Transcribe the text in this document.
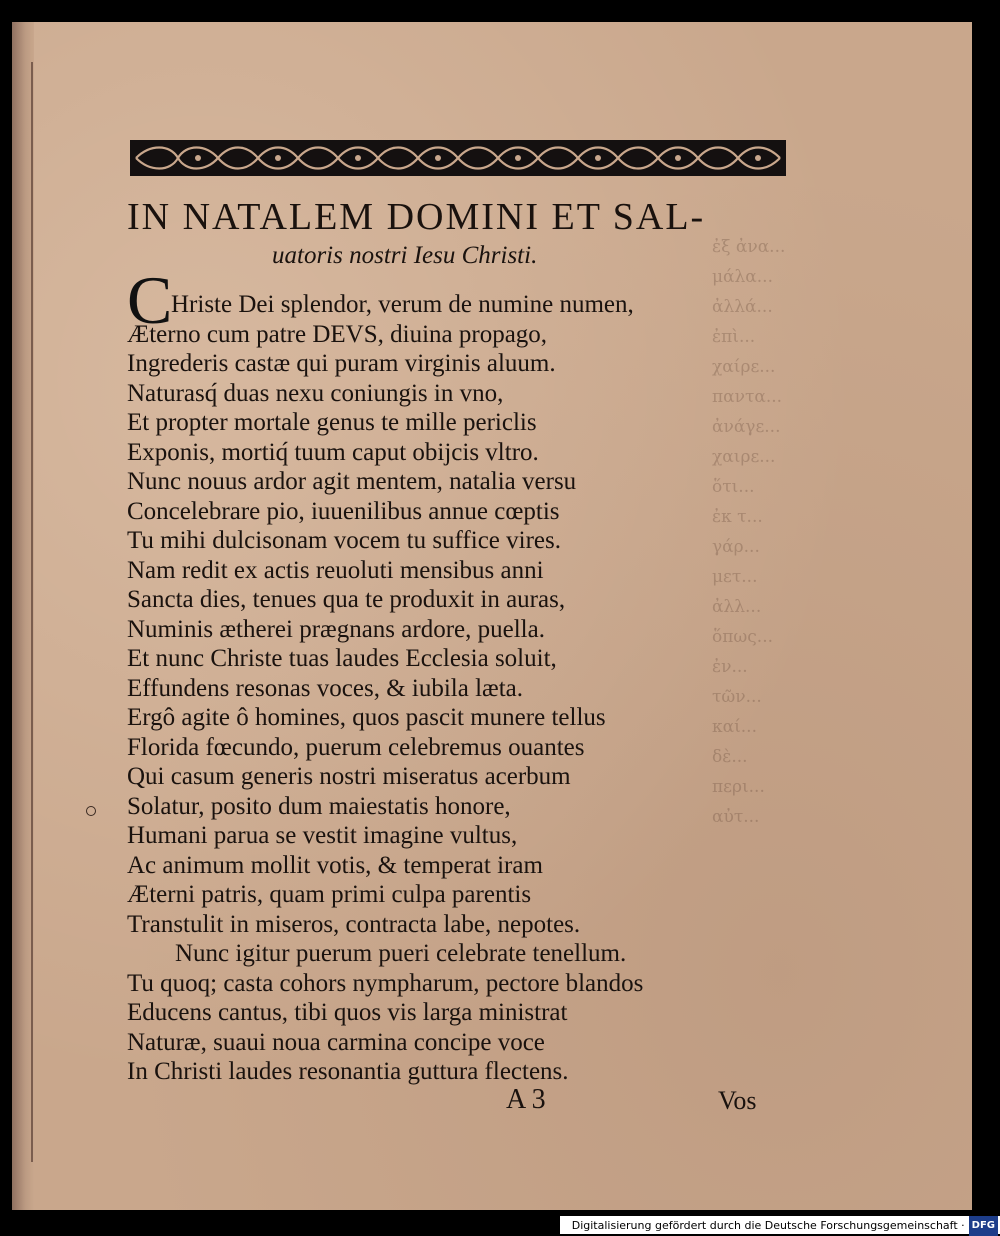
ἐξ ἀνα...
μάλα...
ἀλλά...
ἐπὶ...
χαίρε...
παντα...
ἀνάγε...
χαιρε...
ὅτι...
ἐκ τ...
γάρ...
μετ...
ἀλλ...
ὅπως...
ἐν...
τῶν...
καί...
δὲ...
περι...
αὐτ...
IN NATALEM DOMINI ET SAL-
uatoris nostri Iesu Christi.
C
Hriste Dei splendor, verum de numine numen,
Æterno cum patre DEVS, diuina propago,
Ingrederis castæ qui puram virginis aluum.
Naturasq́ duas nexu coniungis in vno,
Et propter mortale genus te mille periclis
Exponis, mortiq́ tuum caput obijcis vltro.
Nunc nouus ardor agit mentem, natalia versu
Concelebrare pio, iuuenilibus annue cœptis
Tu mihi dulcisonam vocem tu suffice vires.
Nam redit ex actis reuoluti mensibus anni
Sancta dies, tenues qua te produxit in auras,
Numinis ætherei prægnans ardore, puella.
Et nunc Christe tuas laudes Ecclesia soluit,
Effundens resonas voces, & iubila læta.
Ergô agite ô homines, quos pascit munere tellus
Florida fœcundo, puerum celebremus ouantes
Qui casum generis nostri miseratus acerbum
Solatur, posito dum maiestatis honore,
Humani parua se vestit imagine vultus,
Ac animum mollit votis, & temperat iram
Æterni patris, quam primi culpa parentis
Transtulit in miseros, contracta labe, nepotes.
Nunc igitur puerum pueri celebrate tenellum.
Tu quoq; casta cohors nympharum, pectore blandos
Educens cantus, tibi quos vis larga ministrat
Naturæ, suaui noua carmina concipe voce
In Christi laudes resonantia guttura flectens.
A 3	Vos
Digitalisierung gefördert durch die Deutsche Forschungsgemeinschaft · DFG
